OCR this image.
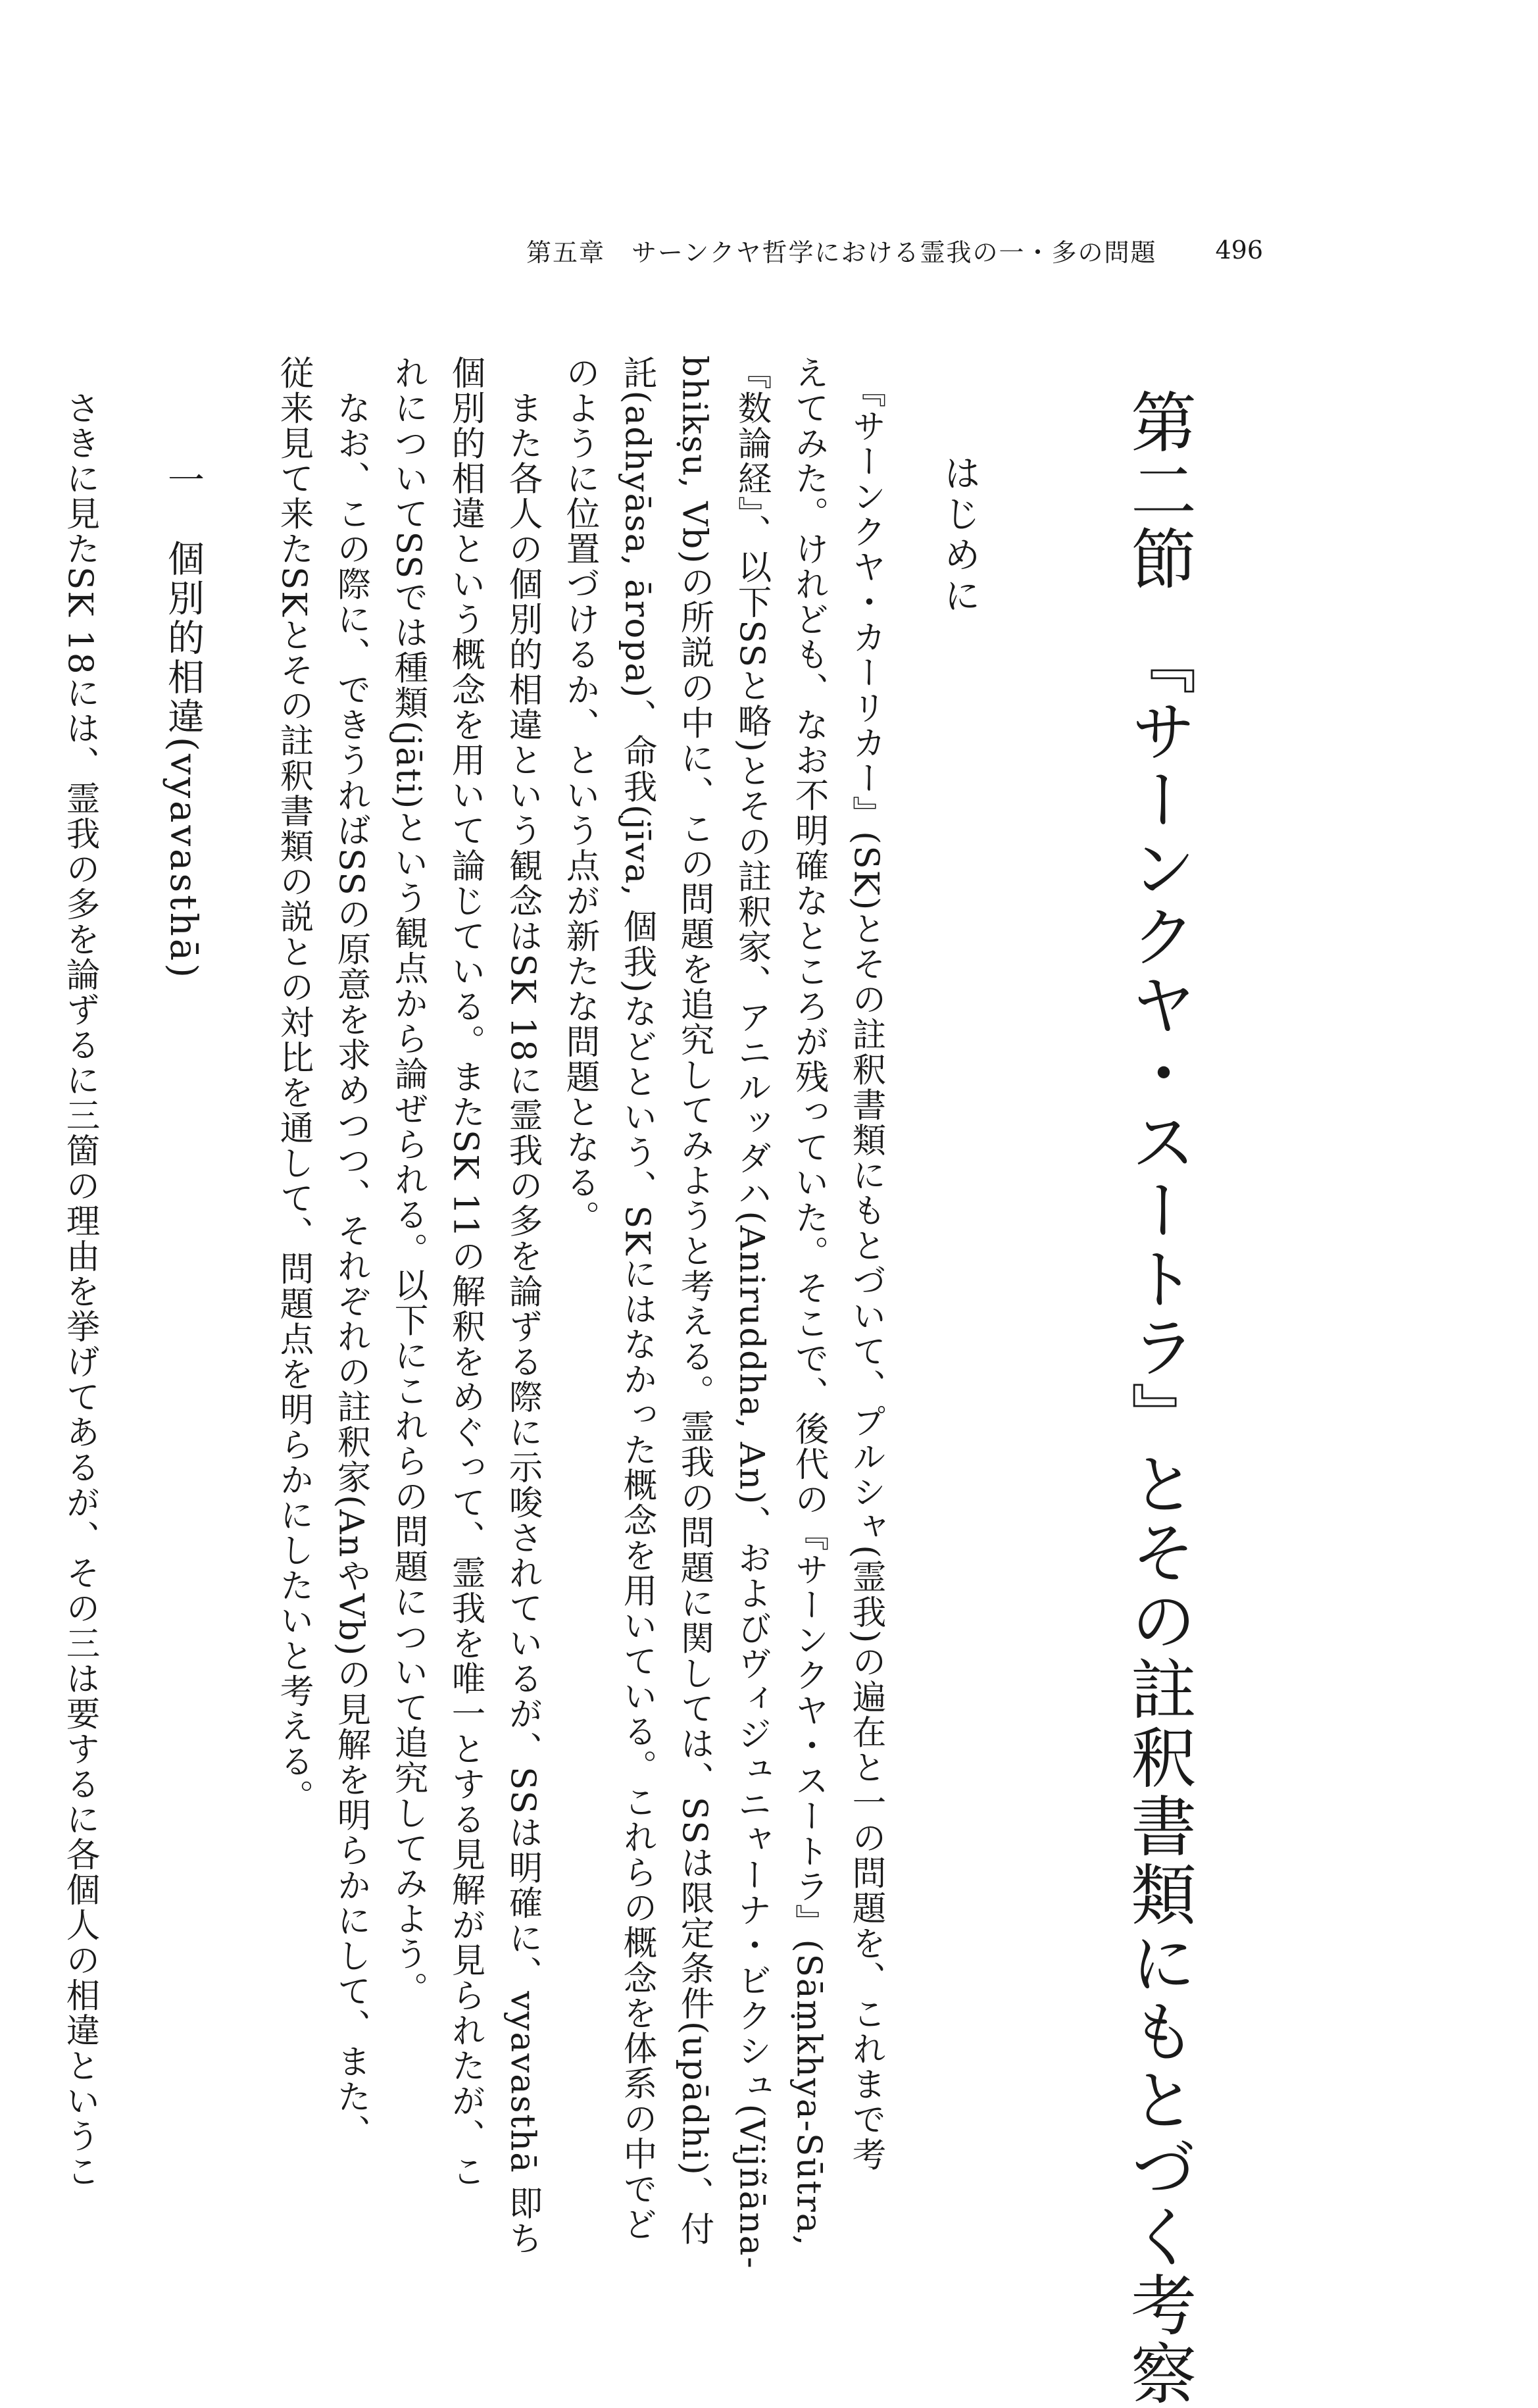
第五章　サーンクヤ哲学における霊我の一・多の問題 496
第二節　『サーンクヤ・スートラ』とその註釈書類にもとづく考察
はじめに
　『サーンクヤ・カーリカー』(SK)とその註釈書類にもとづいて、プルシャ(霊我)の遍在と一の問題を、これまで考
えてみた。けれども、なお不明確なところが残っていた。そこで、後代の『サーンクヤ・スートラ』(Sāṃkhya-Sūtra,
『数論経』、以下SSと略)とその註釈家、アニルッダハ(Aniruddha, An)、およびヴィジュニャーナ・ビクシュ(Vijñāna-
bhikṣu, Vb)の所説の中に、この問題を追究してみようと考える。霊我の問題に関しては、SSは限定条件(upādhi)、付
託(adhyāsa, āropa)、命我(jīva, 個我)などという、SKにはなかった概念を用いている。これらの概念を体系の中でど
のように位置づけるか、という点が新たな問題となる。
　また各人の個別的相違という観念はSK 18に霊我の多を論ずる際に示唆されているが、SSは明確に、vyavasthā 即ち
個別的相違という概念を用いて論じている。またSK 11の解釈をめぐって、霊我を唯一とする見解が見られたが、こ
れについてSSでは種類(jāti)という観点から論ぜられる。以下にこれらの問題について追究してみよう。
　なお、この際に、できうればSSの原意を求めつつ、それぞれの註釈家(AnやVb)の見解を明らかにして、また、
従来見て来たSKとその註釈書類の説との対比を通して、問題点を明らかにしたいと考える。
一　個別的相違(vyavasthā)
　さきに見たSK 18には、霊我の多を論ずるに三箇の理由を挙げてあるが、その三は要するに各個人の相違というこ
